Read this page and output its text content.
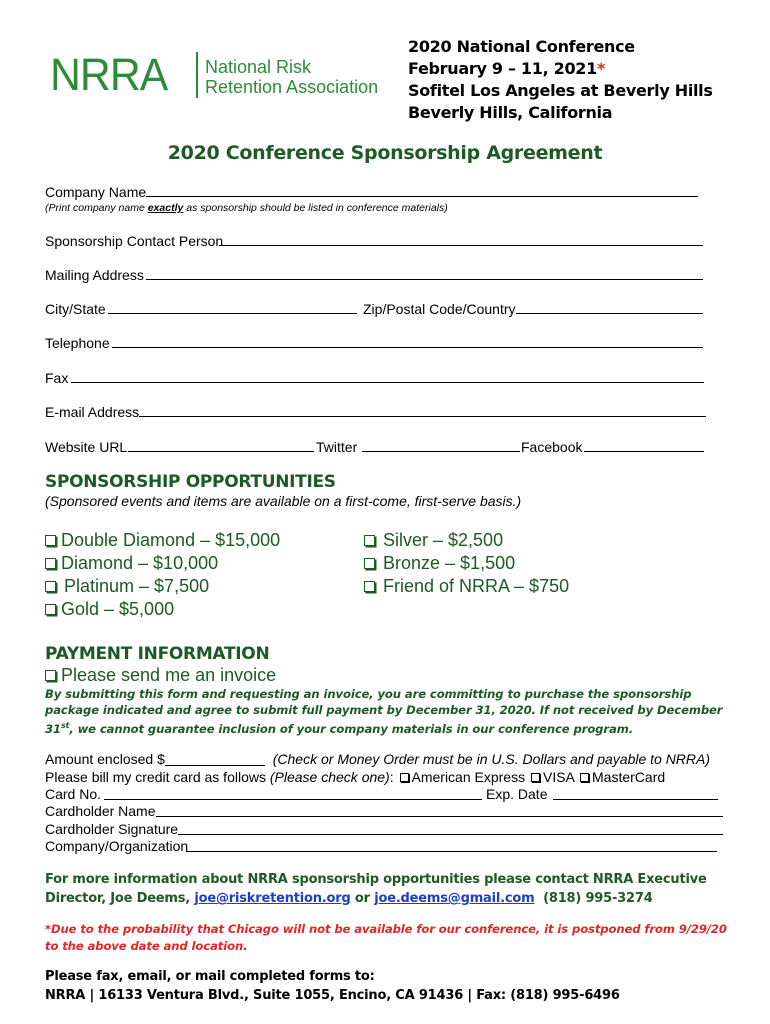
NRRA National Risk
Retention Association
2020 National Conference
February 9 – 11, 2021*
Sofitel Los Angeles at Beverly Hills
Beverly Hills, California
2020 Conference Sponsorship Agreement
Company Name
(Print company name exactly as sponsorship should be listed in conference materials)
Sponsorship Contact Person
Mailing Address
City/State	Zip/Postal Code/Country
Telephone
Fax
E-mail Address
Website URL	Twitter	Facebook
SPONSORSHIP OPPORTUNITIES
(Sponsored events and items are available on a first-come, first-serve basis.)
Double Diamond – $15,000
Diamond – $10,000
Platinum – $7,500
Gold – $5,000
Silver – $2,500
Bronze – $1,500
Friend of NRRA – $750
PAYMENT INFORMATION
Please send me an invoice
By submitting this form and requesting an invoice, you are committing to purchase the sponsorship
package indicated and agree to submit full payment by December 31, 2020. If not received by December
31st, we cannot guarantee inclusion of your company materials in our conference program.
Amount enclosed $	(Check or Money Order must be in U.S. Dollars and payable to NRRA)
Please bill my credit card as follows (Please check one): American Express VISA MasterCard
Card No.	Exp. Date
Cardholder Name
Cardholder Signature
Company/Organization
For more information about NRRA sponsorship opportunities please contact NRRA Executive
Director, Joe Deems, joe@riskretention.org or joe.deems@gmail.com  (818) 995-3274
*Due to the probability that Chicago will not be available for our conference, it is postponed from 9/29/20
to the above date and location.
Please fax, email, or mail completed forms to:
NRRA | 16133 Ventura Blvd., Suite 1055, Encino, CA 91436 | Fax: (818) 995-6496
